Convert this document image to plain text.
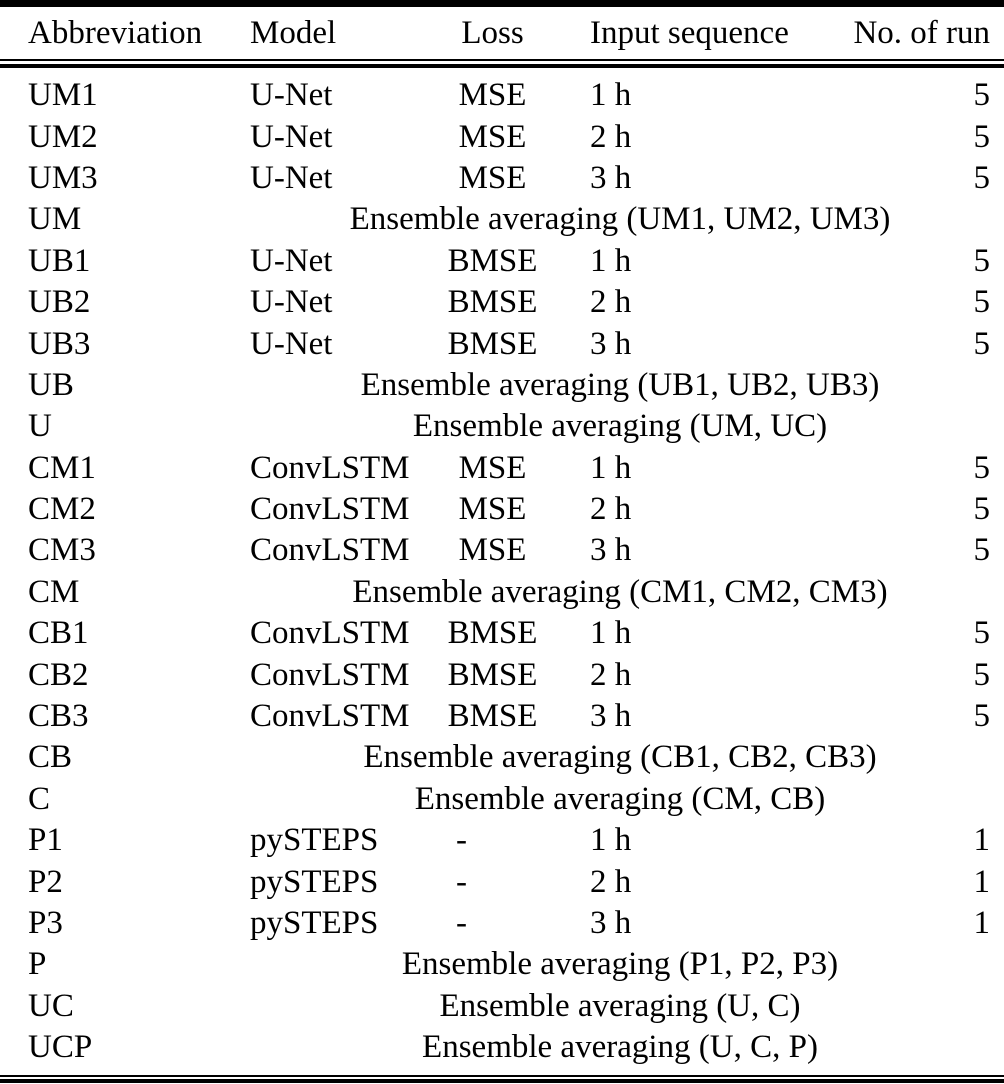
Abbreviation	Model	Loss	Input sequence	No. of run
UM1	U-Net	MSE	1 h	5
UM2	U-Net	MSE	2 h	5
UM3	U-Net	MSE	3 h	5
UM	Ensemble averaging (UM1, UM2, UM3)
UB1	U-Net	BMSE	1 h	5
UB2	U-Net	BMSE	2 h	5
UB3	U-Net	BMSE	3 h	5
UB	Ensemble averaging (UB1, UB2, UB3)
U	Ensemble averaging (UM, UC)
CM1	ConvLSTM	MSE	1 h	5
CM2	ConvLSTM	MSE	2 h	5
CM3	ConvLSTM	MSE	3 h	5
CM	Ensemble averaging (CM1, CM2, CM3)
CB1	ConvLSTM	BMSE	1 h	5
CB2	ConvLSTM	BMSE	2 h	5
CB3	ConvLSTM	BMSE	3 h	5
CB	Ensemble averaging (CB1, CB2, CB3)
C	Ensemble averaging (CM, CB)
P1	pySTEPS	-	1 h	1
P2	pySTEPS	-	2 h	1
P3	pySTEPS	-	3 h	1
P	Ensemble averaging (P1, P2, P3)
UC	Ensemble averaging (U, C)
UCP	Ensemble averaging (U, C, P)
